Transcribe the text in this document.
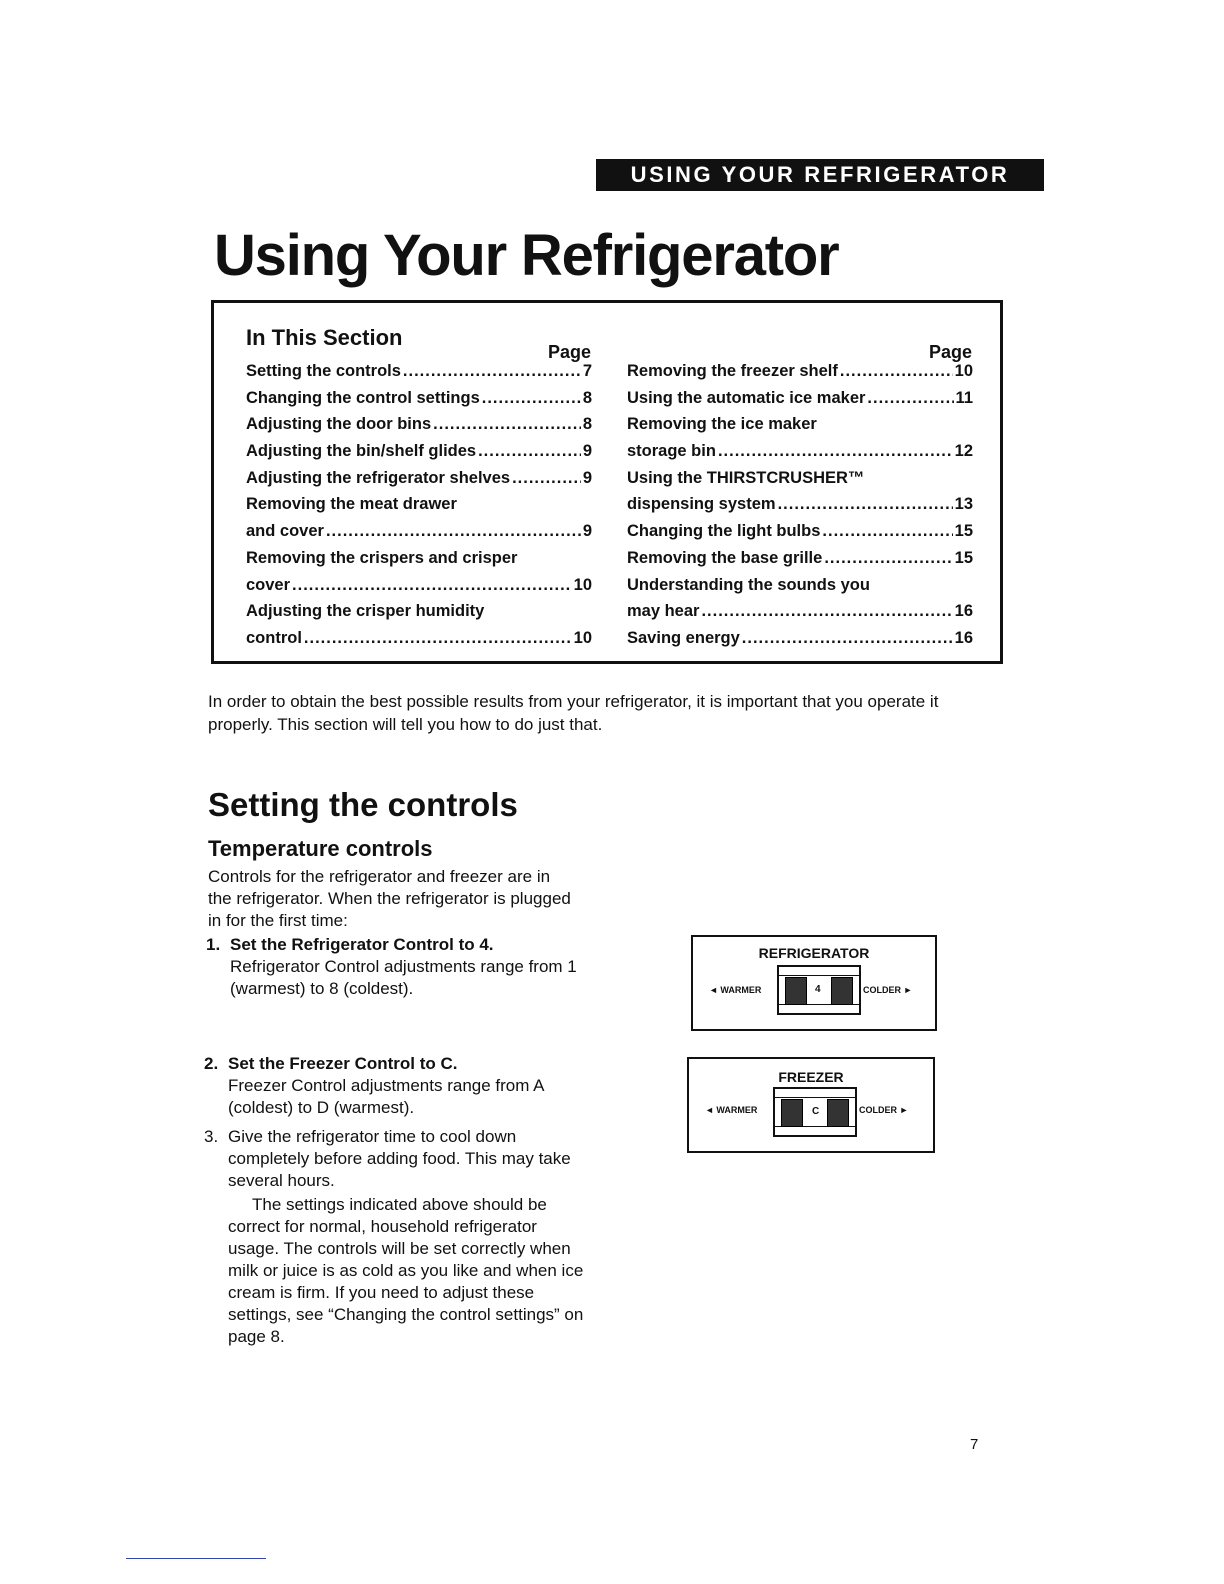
USING YOUR REFRIGERATOR
Using Your Refrigerator
In This Section
Page	Page
Setting the controls .....	7
Changing the control settings .....	8
Adjusting the door bins .....	8
Adjusting the bin/shelf glides .....	9
Adjusting the refrigerator shelves .....	9
Removing the meat drawer
and cover .....	9
Removing the crispers and crisper
cover .....	10
Adjusting the crisper humidity
control .....	10
Removing the freezer shelf .....	10
Using the automatic ice maker .....	11
Removing the ice maker
storage bin .....	12
Using the THIRSTCRUSHER™
dispensing system .....	13
Changing the light bulbs .....	15
Removing the base grille .....	15
Understanding the sounds you
may hear .....	16
Saving energy .....	16

In order to obtain the best possible results from your refrigerator, it is important that you operate it properly. This section will tell you how to do just that.

Setting the controls
Temperature controls

Controls for the refrigerator and freezer are in the refrigerator. When the refrigerator is plugged in for the first time:

1. Set the Refrigerator Control to 4.
Refrigerator Control adjustments range from 1 (warmest) to 8 (coldest).
2. Set the Freezer Control to C.
Freezer Control adjustments range from A (coldest) to D (warmest).
3. Give the refrigerator time to cool down completely before adding food. This may take several hours.
The settings indicated above should be correct for normal, household refrigerator usage. The controls will be set correctly when milk or juice is as cold as you like and when ice cream is firm. If you need to adjust these settings, see “Changing the control settings” on page 8.
REFRIGERATOR
◄ WARMER	COLDER ►
4
FREEZER
◄ WARMER	COLDER ►
C
7
